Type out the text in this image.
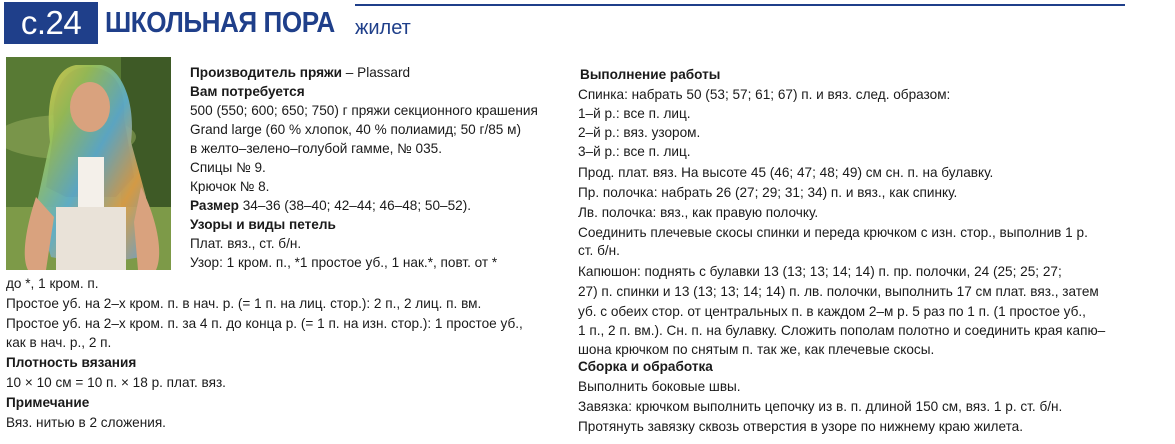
с.24 ШКОЛЬНАЯ ПОРА жилет
Производитель пряжи – Plassard
Вам потребуется
500 (550; 600; 650; 750) г пряжи секционного крашения
Grand large (60 % хлопок, 40 % полиамид; 50 г/85 м)
в желто–зелено–голубой гамме, № 035.
Спицы № 9.
Крючок № 8.
Размер 34–36 (38–40; 42–44; 46–48; 50–52).
Узоры и виды петель
Плат. вяз., ст. б/н.
Узор: 1 кром. п., *1 простое уб., 1 нак.*, повт. от *
до *, 1 кром. п.
Простое уб. на 2–х кром. п. в нач. р. (= 1 п. на лиц. стор.): 2 п., 2 лиц. п. вм.
Простое уб. на 2–х кром. п. за 4 п. до конца р. (= 1 п. на изн. стор.): 1 простое уб.,
как в нач. р., 2 п.
Плотность вязания
10 × 10 см = 10 п. × 18 р. плат. вяз.
Примечание
Вяз. нитью в 2 сложения.
Выполнение работы
Спинка: набрать 50 (53; 57; 61; 67) п. и вяз. след. образом:
1–й р.: все п. лиц.
2–й р.: вяз. узором.
3–й р.: все п. лиц.
Прод. плат. вяз. На высоте 45 (46; 47; 48; 49) см сн. п. на булавку.
Пр. полочка: набрать 26 (27; 29; 31; 34) п. и вяз., как спинку.
Лв. полочка: вяз., как правую полочку.
Соединить плечевые скосы спинки и переда крючком с изн. стор., выполнив 1 р.
ст. б/н.
Капюшон: поднять с булавки 13 (13; 13; 14; 14) п. пр. полочки, 24 (25; 25; 27;
27) п. спинки и 13 (13; 13; 14; 14) п. лв. полочки, выполнить 17 см плат. вяз., затем
уб. с обеих стор. от центральных п. в каждом 2–м р. 5 раз по 1 п. (1 простое уб.,
1 п., 2 п. вм.). Сн. п. на булавку. Сложить пополам полотно и соединить края капю–
шона крючком по снятым п. так же, как плечевые скосы.
Сборка и обработка
Выполнить боковые швы.
Завязка: крючком выполнить цепочку из в. п. длиной 150 см, вяз. 1 р. ст. б/н.
Протянуть завязку сквозь отверстия в узоре по нижнему краю жилета.
